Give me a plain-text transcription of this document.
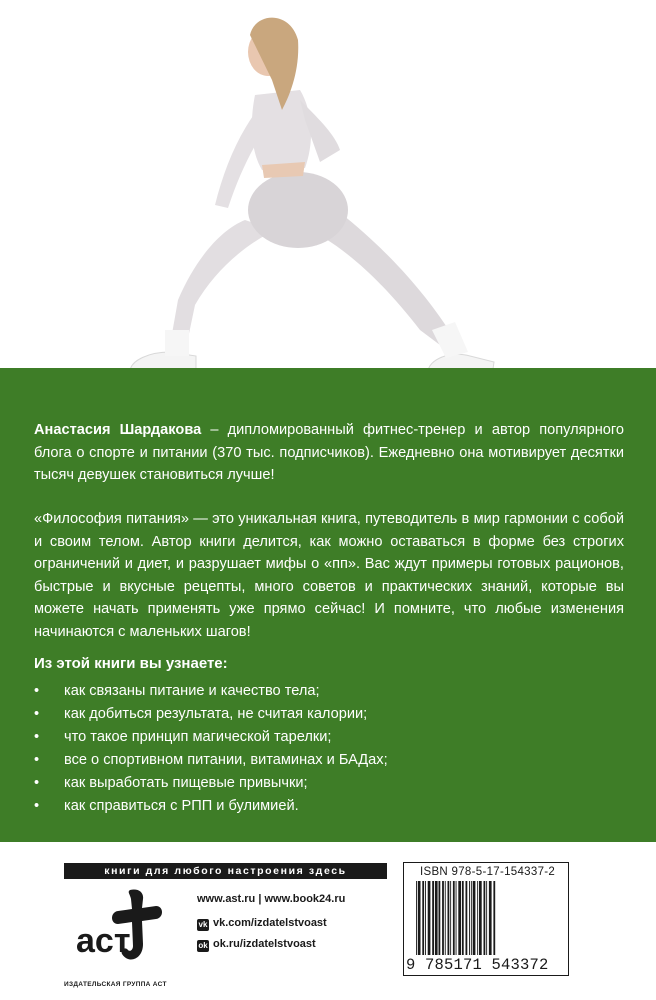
Анастасия Шардакова – дипломированный фитнес-тренер и автор популярного блога о спорте и питании (370 тыс. подписчиков). Ежедневно она мотивирует десятки тысяч девушек становиться лучше!
«Философия питания» — это уникальная книга, путеводитель в мир гармонии с собой и своим телом. Автор книги делится, как можно оставаться в форме без строгих ограничений и диет, и разрушает мифы о «пп». Вас ждут примеры готовых рационов, быстрые и вкусные рецепты, много советов и практических знаний, которые вы можете начать применять уже прямо сейчас! И помните, что любые изменения начинаются с маленьких шагов!
Из этой книги вы узнаете:
• как связаны питание и качество тела;
• как добиться результата, не считая калории;
• что такое принцип магической тарелки;
• все о спортивном питании, витаминах и БАДах;
• как выработать пищевые привычки;
• как справиться с РПП и булимией.
книги для любого настроения здесь
аст
ИЗДАТЕЛЬСКАЯ ГРУППА АСТ
www.ast.ru | www.book24.ru
vk vk.com/izdatelstvoast
ok ok.ru/izdatelstvoast
ISBN 978-5-17-154337-2
9 785171 543372
